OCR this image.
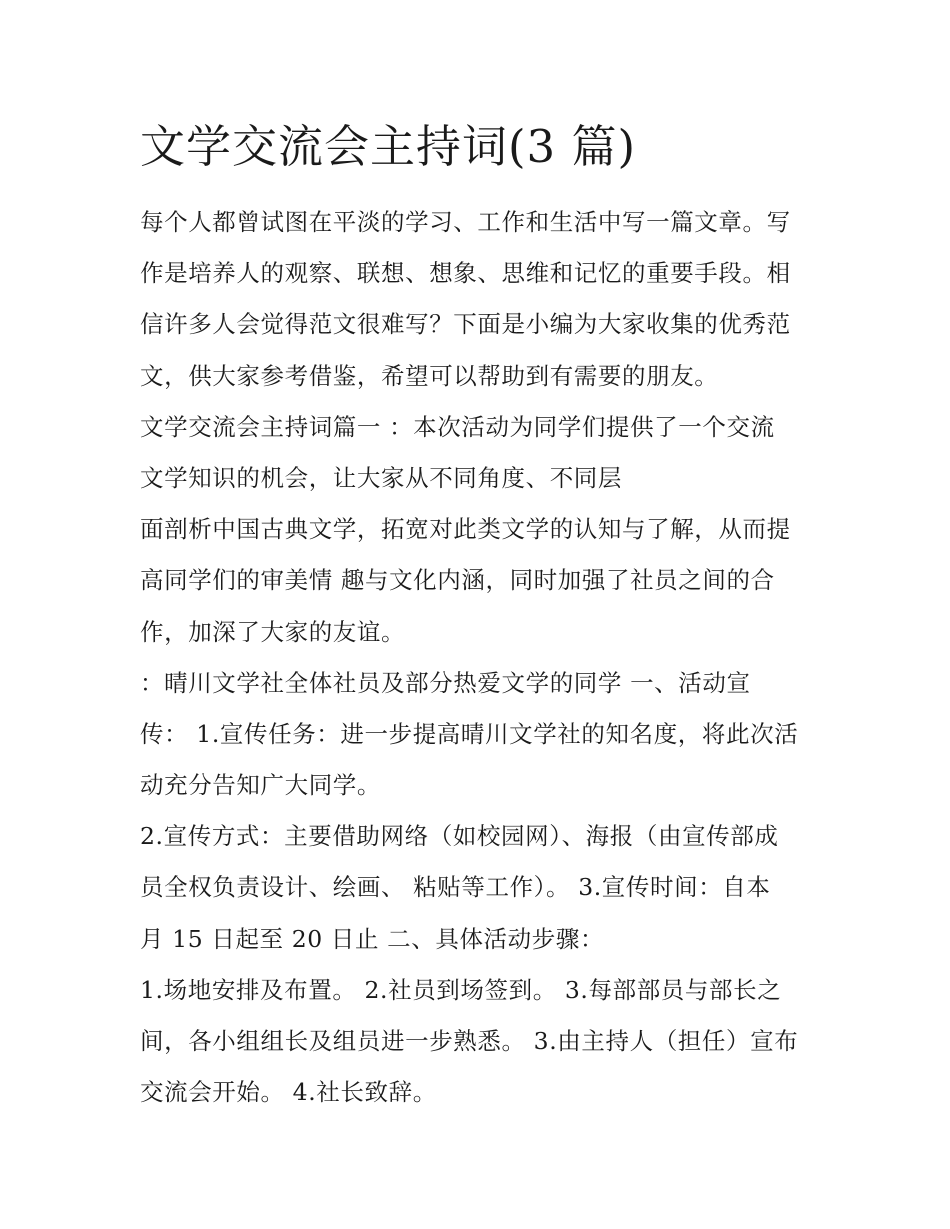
文学交流会主持词(3 篇)
每个人都曾试图在平淡的学习、工作和生活中写一篇文章。写
作是培养人的观察、联想、想象、思维和记忆的重要手段。相
信许多人会觉得范文很难写？下面是小编为大家收集的优秀范
文，供大家参考借鉴，希望可以帮助到有需要的朋友。
文学交流会主持词篇一 ：本次活动为同学们提供了一个交流
文学知识的机会，让大家从不同角度、不同层
面剖析中国古典文学，拓宽对此类文学的认知与了解，从而提
高同学们的审美情 趣与文化内涵，同时加强了社员之间的合
作，加深了大家的友谊。
：晴川文学社全体社员及部分热爱文学的同学 一、活动宣
传： 1.宣传任务：进一步提高晴川文学社的知名度，将此次活
动充分告知广大同学。
2.宣传方式：主要借助网络（如校园网）、海报（由宣传部成
员全权负责设计、绘画、 粘贴等工作）。 3.宣传时间：自本
月 15 日起至 20 日止 二、具体活动步骤：
1.场地安排及布置。 2.社员到场签到。 3.每部部员与部长之
间，各小组组长及组员进一步熟悉。 3.由主持人（担任）宣布
交流会开始。 4.社长致辞。
